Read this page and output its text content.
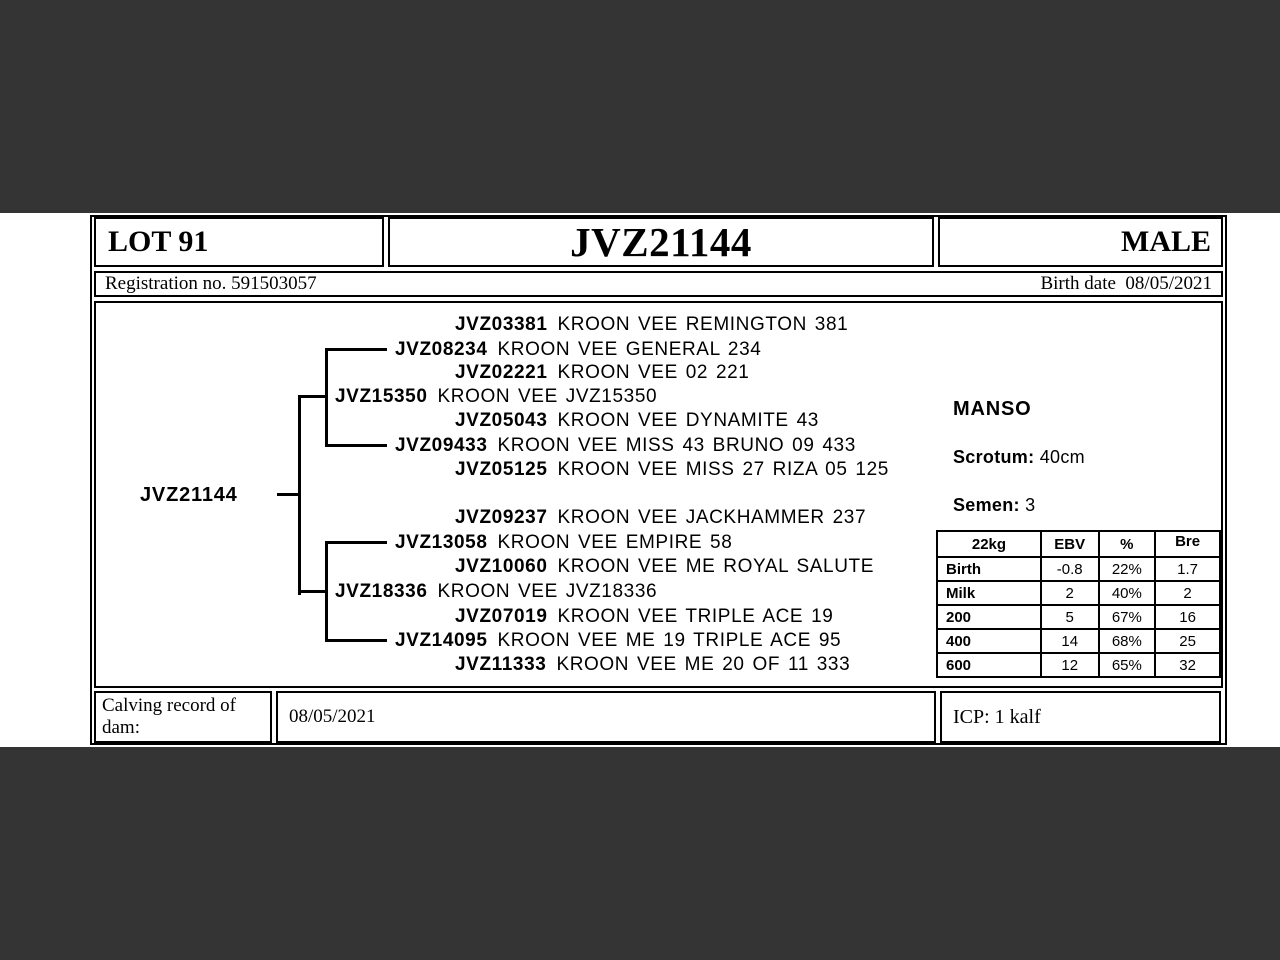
LOT 91	JVZ21144	MALE
Registration no. 591503057	Birth date  08/05/2021
JVZ21144
JVZ03381 KROON VEE REMINGTON 381
JVZ08234 KROON VEE GENERAL 234
JVZ02221 KROON VEE 02 221
JVZ15350 KROON VEE JVZ15350
JVZ05043 KROON VEE DYNAMITE 43
JVZ09433 KROON VEE MISS 43 BRUNO 09 433
JVZ05125 KROON VEE MISS 27 RIZA 05 125
JVZ09237 KROON VEE JACKHAMMER 237
JVZ13058 KROON VEE EMPIRE 58
JVZ10060 KROON VEE ME ROYAL SALUTE
JVZ18336 KROON VEE JVZ18336
JVZ07019 KROON VEE TRIPLE ACE 19
JVZ14095 KROON VEE ME 19 TRIPLE ACE 95
JVZ11333 KROON VEE ME 20 OF 11 333
MANSO
Scrotum: 40cm
Semen: 3
22kg	EBV	%	Bre
Birth	-0.8	22%	1.7
Milk	2	40%	2
200	5	67%	16
400	14	68%	25
600	12	65%	32
Calving record of dam:
08/05/2021	ICP: 1 kalf
